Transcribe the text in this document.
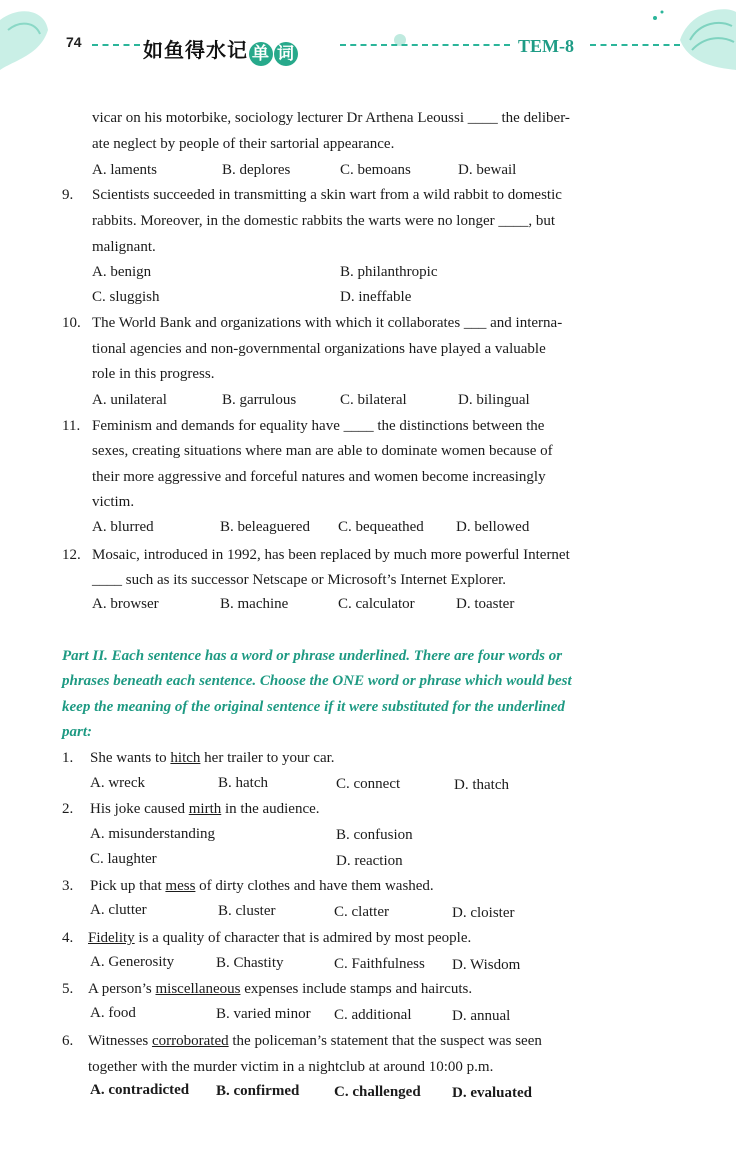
74	如鱼得水记 单 词	TEM-8
vicar on his motorbike, sociology lecturer Dr Arthena Leoussi ____ the deliber-
ate neglect by people of their sartorial appearance.
A. laments	B. deplores	C. bemoans	D. bewail
9. Scientists succeeded in transmitting a skin wart from a wild rabbit to domestic
rabbits. Moreover, in the domestic rabbits the warts were no longer ____, but
malignant.
A. benign	B. philanthropic
C. sluggish	D. ineffable
10. The World Bank and organizations with which it collaborates ___ and interna-
tional agencies and non-governmental organizations have played a valuable
role in this progress.
A. unilateral	B. garrulous	C. bilateral	D. bilingual
11. Feminism and demands for equality have ____ the distinctions between the
sexes, creating situations where man are able to dominate women because of
their more aggressive and forceful natures and women become increasingly
victim.
A. blurred	B. beleaguered C. bequeathed D. bellowed
12. Mosaic, introduced in 1992, has been replaced by much more powerful Internet
____ such as its successor Netscape or Microsoft’s Internet Explorer.
A. browser	B. machine	C. calculator	D. toaster
Part II. Each sentence has a word or phrase underlined. There are four words or
phrases beneath each sentence. Choose the ONE word or phrase which would best
keep the meaning of the original sentence if it were substituted for the underlined
part:
1. She wants to hitch her trailer to your car.
A. wreck	B. hatch	C. connect	D. thatch
2. His joke caused mirth in the audience.
A. misunderstanding	B. confusion
C. laughter	D. reaction
3. Pick up that mess of dirty clothes and have them washed.
A. clutter	B. cluster	C. clatter	D. cloister
4. Fidelity is a quality of character that is admired by most people.
A. Generosity	B. Chastity	C. Faithfulness D. Wisdom
5. A person’s miscellaneous expenses include stamps and haircuts.
A. food	B. varied minor C. additional	D. annual
6. Witnesses corroborated the policeman’s statement that the suspect was seen
together with the murder victim in a nightclub at around 10:00 p.m.
A. contradicted B. confirmed C. challenged D. evaluated
